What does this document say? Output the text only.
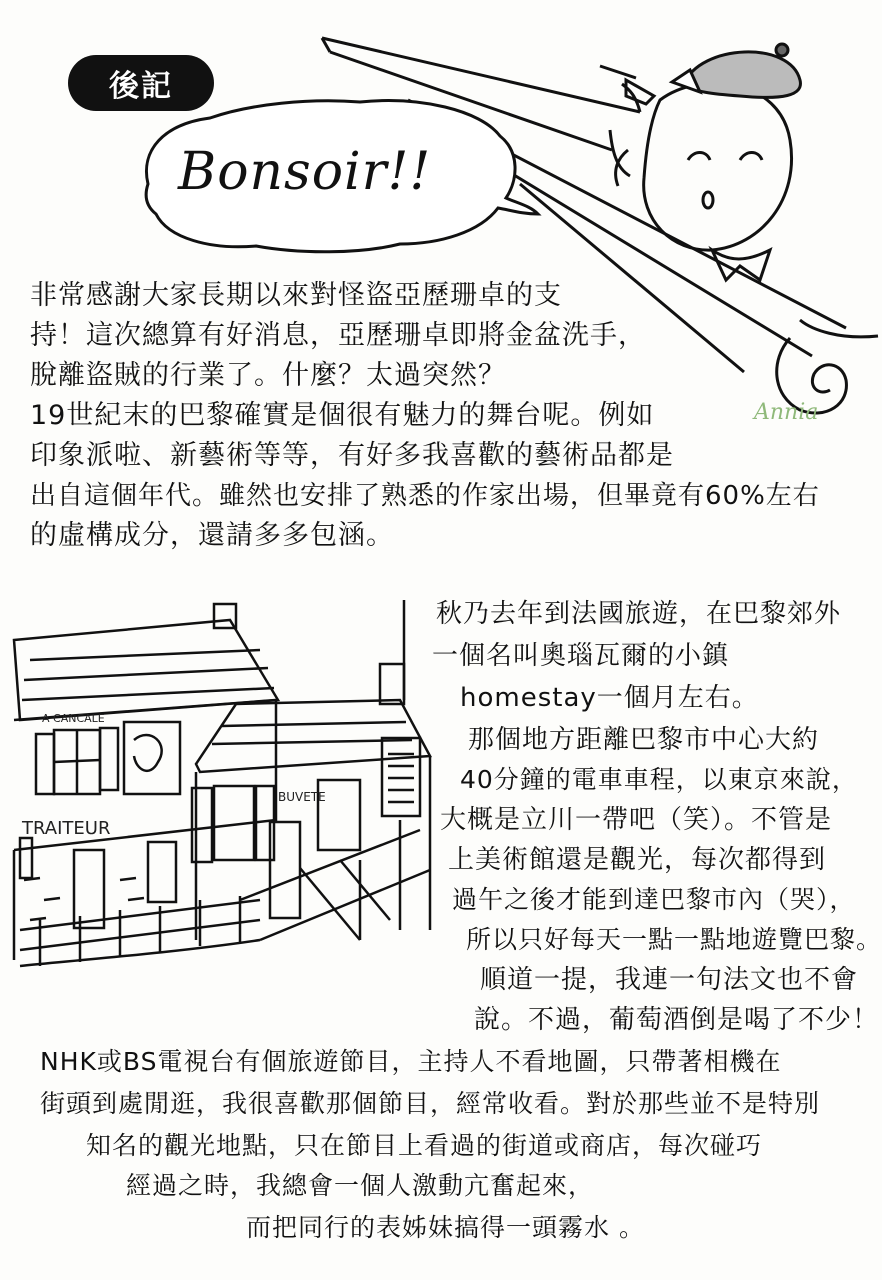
後記
Bonsoir!!
Annia
TRAITEUR
BUVETE
A CANCALE
非常感謝大家長期以來對怪盜亞歷珊卓的支
持！這次總算有好消息，亞歷珊卓即將金盆洗手，
脫離盜賊的行業了。什麼？太過突然？
19世紀末的巴黎確實是個很有魅力的舞台呢。例如
印象派啦、新藝術等等，有好多我喜歡的藝術品都是
出自這個年代。雖然也安排了熟悉的作家出場，但畢竟有60%左右
的虛構成分，還請多多包涵。
秋乃去年到法國旅遊，在巴黎郊外
一個名叫奧瑙瓦爾的小鎮
homestay一個月左右。
那個地方距離巴黎市中心大約
40分鐘的電車車程，以東京來說，
大概是立川一帶吧（笑）。不管是
上美術館還是觀光，每次都得到
過午之後才能到達巴黎市內（哭），
所以只好每天一點一點地遊覽巴黎。
順道一提，我連一句法文也不會
說。不過，葡萄酒倒是喝了不少！
NHK或BS電視台有個旅遊節目，主持人不看地圖，只帶著相機在
街頭到處閒逛，我很喜歡那個節目，經常收看。對於那些並不是特別
知名的觀光地點，只在節目上看過的街道或商店，每次碰巧
經過之時，我總會一個人激動亢奮起來，
而把同行的表姊妹搞得一頭霧水 。
